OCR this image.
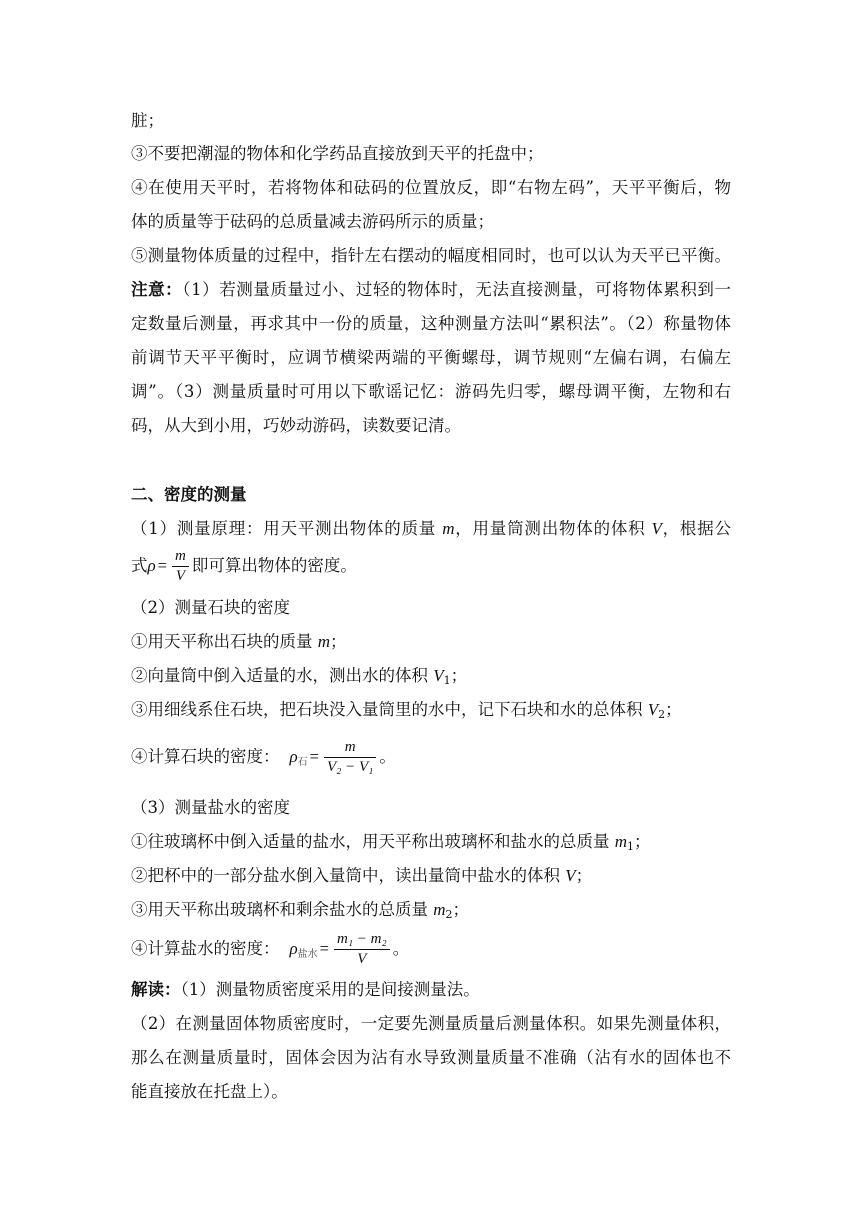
脏；
③不要把潮湿的物体和化学药品直接放到天平的托盘中；
④在使用天平时，若将物体和砝码的位置放反，即“右物左码”，天平平衡后，物
体的质量等于砝码的总质量减去游码所示的质量；
⑤测量物体质量的过程中，指针左右摆动的幅度相同时，也可以认为天平已平衡。
注意：（1）若测量质量过小、过轻的物体时，无法直接测量，可将物体累积到一
定数量后测量，再求其中一份的质量，这种测量方法叫“累积法”。（2）称量物体
前调节天平平衡时，应调节横梁两端的平衡螺母，调节规则“左偏右调，右偏左
调”。（3）测量质量时可用以下歌谣记忆：游码先归零，螺母调平衡，左物和右
码，从大到小用，巧妙动游码，读数要记清。
二、密度的测量
（1）测量原理：用天平测出物体的质量 m，用量筒测出物体的体积 V，根据公
式$\rho = \frac{m}{V}$ 即可算出物体的密度。
（2）测量石块的密度
①用天平称出石块的质量 m；
②向量筒中倒入适量的水，测出水的体积 $V_1$；
③用细线系住石块，把石块没入量筒里的水中，记下石块和水的总体积 $V_2$；
④计算石块的密度： ρ石 = $\frac{m}{\text{V₂ − V₁}}$ 。
（3）测量盐水的密度
①往玻璃杯中倒入适量的盐水，用天平称出玻璃杯和盐水的总质量 $m_1$；
②把杯中的一部分盐水倒入量筒中，读出量筒中盐水的体积 V；
③用天平称出玻璃杯和剩余盐水的总质量 $m_2$；
④计算盐水的密度： ρ盐水 = $\frac{\text{m₁ − m₂}}{V}$ 。
解读：（1）测量物质密度采用的是间接测量法。
（2）在测量固体物质密度时，一定要先测量质量后测量体积。如果先测量体积，
那么在测量质量时，固体会因为沾有水导致测量质量不准确（沾有水的固体也不
能直接放在托盘上）。
